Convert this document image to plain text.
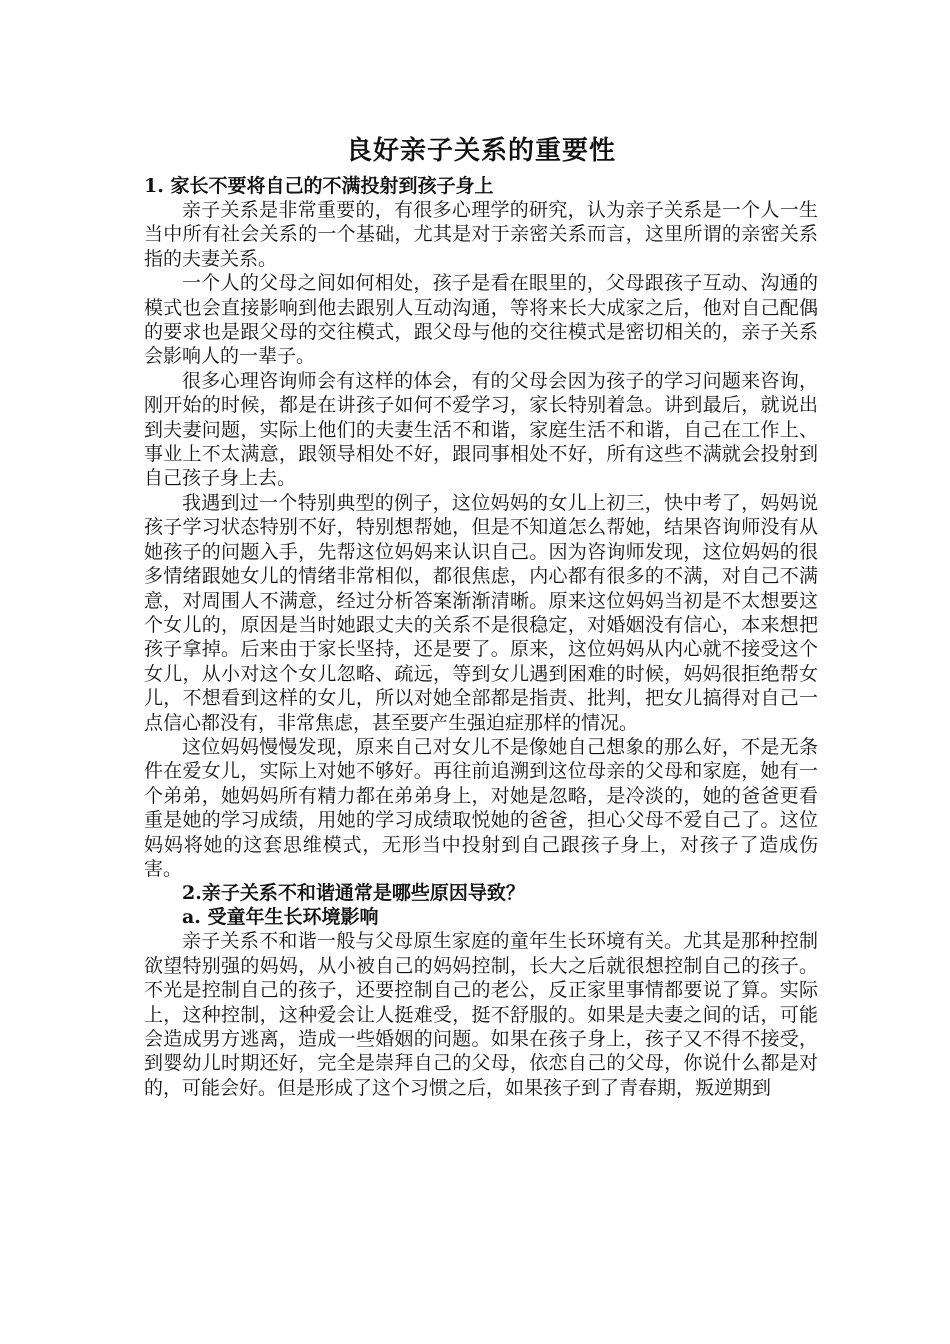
良好亲子关系的重要性
1. 家长不要将自己的不满投射到孩子身上

亲子关系是非常重要的，有很多心理学的研究，认为亲子关系是一个人一生当中所有社会关系的一个基础，尤其是对于亲密关系而言，这里所谓的亲密关系指的夫妻关系。

一个人的父母之间如何相处，孩子是看在眼里的，父母跟孩子互动、沟通的模式也会直接影响到他去跟别人互动沟通，等将来长大成家之后，他对自己配偶的要求也是跟父母的交往模式，跟父母与他的交往模式是密切相关的，亲子关系会影响人的一辈子。

很多心理咨询师会有这样的体会，有的父母会因为孩子的学习问题来咨询，刚开始的时候，都是在讲孩子如何不爱学习，家长特别着急。讲到最后，就说出到夫妻问题，实际上他们的夫妻生活不和谐，家庭生活不和谐，自己在工作上、事业上不太满意，跟领导相处不好，跟同事相处不好，所有这些不满就会投射到自己孩子身上去。

我遇到过一个特别典型的例子，这位妈妈的女儿上初三，快中考了，妈妈说孩子学习状态特别不好，特别想帮她，但是不知道怎么帮她，结果咨询师没有从她孩子的问题入手，先帮这位妈妈来认识自己。因为咨询师发现，这位妈妈的很多情绪跟她女儿的情绪非常相似，都很焦虑，内心都有很多的不满，对自己不满意，对周围人不满意，经过分析答案渐渐清晰。原来这位妈妈当初是不太想要这个女儿的，原因是当时她跟丈夫的关系不是很稳定，对婚姻没有信心，本来想把孩子拿掉。后来由于家长坚持，还是要了。原来，这位妈妈从内心就不接受这个女儿，从小对这个女儿忽略、疏远，等到女儿遇到困难的时候，妈妈很拒绝帮女儿，不想看到这样的女儿，所以对她全部都是指责、批判，把女儿搞得对自己一点信心都没有，非常焦虑，甚至要产生强迫症那样的情况。

这位妈妈慢慢发现，原来自己对女儿不是像她自己想象的那么好，不是无条件在爱女儿，实际上对她不够好。再往前追溯到这位母亲的父母和家庭，她有一个弟弟，她妈妈所有精力都在弟弟身上，对她是忽略，是冷淡的，她的爸爸更看重是她的学习成绩，用她的学习成绩取悦她的爸爸，担心父母不爱自己了。这位妈妈将她的这套思维模式，无形当中投射到自己跟孩子身上，对孩子了造成伤害。

2.亲子关系不和谐通常是哪些原因导致？
a. 受童年生长环境影响

亲子关系不和谐一般与父母原生家庭的童年生长环境有关。尤其是那种控制欲望特别强的妈妈，从小被自己的妈妈控制，长大之后就很想控制自己的孩子。不光是控制自己的孩子，还要控制自己的老公，反正家里事情都要说了算。实际上，这种控制，这种爱会让人挺难受，挺不舒服的。如果是夫妻之间的话，可能会造成男方逃离，造成一些婚姻的问题。如果在孩子身上，孩子又不得不接受，到婴幼儿时期还好，完全是崇拜自己的父母，依恋自己的父母，你说什么都是对的，可能会好。但是形成了这个习惯之后，如果孩子到了青春期，叛逆期到
